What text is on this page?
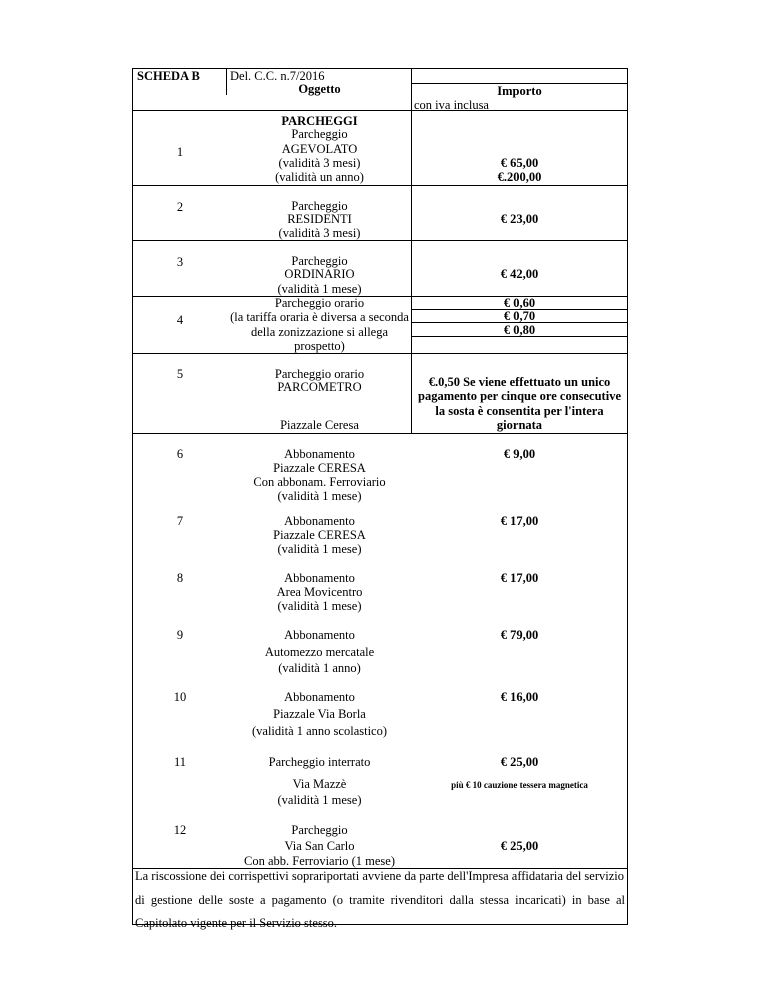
SCHEDA B Del. C.C. n.7/2016
Oggetto	Importo
con iva inclusa
PARCHEGGI
1
Parcheggio
AGEVOLATO
(validità 3 mesi)
(validità un anno)
€ 65,00
€.200,00
2	Parcheggio
RESIDENTI
(validità 3 mesi)
€ 23,00
3	Parcheggio
ORDINARIO
(validità 1 mese)
€ 42,00
4
Parcheggio orario
(la tariffa oraria è diversa a seconda
della zonizzazione si allega
prospetto)
€ 0,60
€ 0,70
€ 0,80
5	Parcheggio orario
PARCOMETRO
Piazzale Ceresa
€.0,50 Se viene effettuato un unico
pagamento per cinque ore consecutive
la sosta è consentita per l'intera
giornata
6	Abbonamento
Piazzale CERESA
Con abbonam. Ferroviario
(validità 1 mese)
€ 9,00
7	Abbonamento
Piazzale CERESA
(validità 1 mese)
€ 17,00
8	Abbonamento
Area Movicentro
(validità 1 mese)
€ 17,00
9	Abbonamento
Automezzo mercatale
(validità 1 anno)
€ 79,00
10	Abbonamento
Piazzale Via Borla
(validità 1 anno scolastico)
€ 16,00
11	Parcheggio interrato
Via Mazzè
(validità 1 mese)
€ 25,00
più € 10 cauzione tessera magnetica
12	Parcheggio
Via San Carlo
Con abb. Ferroviario (1 mese)
€ 25,00
La riscossione dei corrispettivi soprariportati avviene da parte dell'Impresa affidataria del servizio
di gestione delle soste a pagamento (o tramite rivenditori dalla stessa incaricati) in base al
Capitolato vigente per il Servizio stesso.
